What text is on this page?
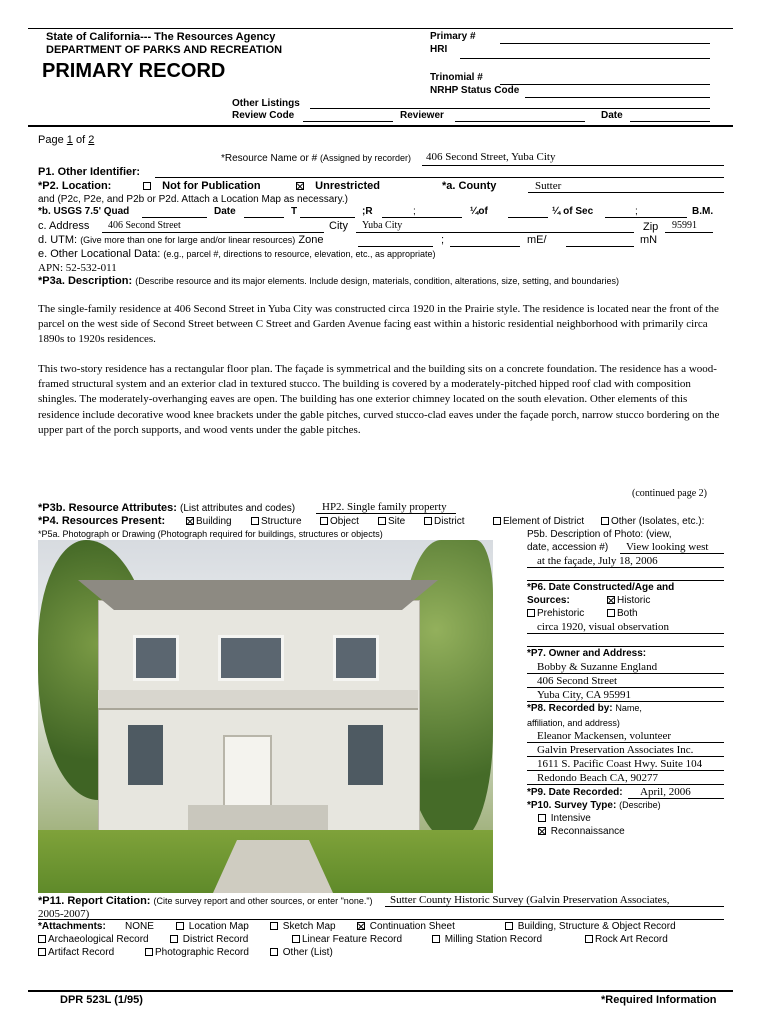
State of California--- The Resources Agency
DEPARTMENT OF PARKS AND RECREATION
PRIMARY RECORD
Primary #
HRI
Trinomial #
NRHP Status Code
Other Listings
Review Code	Reviewer	Date
Page 1 of 2
*Resource Name or # (Assigned by recorder) 406 Second Street, Yuba City
P1. Other Identifier:
*P2. Location:	Not for Publication	Unrestricted	*a. County	Sutter
and (P2c, P2e, and P2b or P2d. Attach a Location Map as necessary.)
*b. USGS 7.5' Quad	Date	T	;R	;	¼of	¼ of Sec	;	B.M.
c. Address 406 Second Street	City Yuba City	Zip 95991
d. UTM: (Give more than one for large and/or linear resources) Zone	;	mE/	mN
e. Other Locational Data: (e.g., parcel #, directions to resource, elevation, etc., as appropriate)
APN: 52-532-011
*P3a. Description: (Describe resource and its major elements. Include design, materials, condition, alterations, size, setting, and boundaries)
The single-family residence at 406 Second Street in Yuba City was constructed circa 1920 in the Prairie style. The residence is located near the front of the parcel on the west side of Second Street between C Street and Garden Avenue facing east within a historic residential neighborhood with primarily circa 1890s to 1920s residences.
This two-story residence has a rectangular floor plan. The façade is symmetrical and the building sits on a concrete foundation. The residence has a wood-framed structural system and an exterior clad in textured stucco. The building is covered by a moderately-pitched hipped roof clad with composition shingles. The moderately-overhanging eaves are open. The building has one exterior chimney located on the south elevation. Other elements of this residence include decorative wood knee brackets under the gable pitches, curved stucco-clad eaves under the façade porch, narrow stucco bordering on the upper part of the porch supports, and wood vents under the gable pitches.
(continued page 2)
*P3b. Resource Attributes: (List attributes and codes) HP2. Single family property
*P4. Resources Present:	Building	Structure	Object	Site	District	Element of District	Other (Isolates, etc.):
*P5a. Photograph or Drawing (Photograph required for buildings, structures or objects)	P5b. Description of Photo: (view,
date, accession #) View looking west
at the façade, July 18, 2006
*P6. Date Constructed/Age and
Sources:	Historic
Prehistoric	Both
circa 1920, visual observation
*P7. Owner and Address:
Bobby & Suzanne England
406 Second Street
Yuba City, CA 95991
*P8. Recorded by: Name,
affiliation, and address)
Eleanor Mackensen, volunteer
Galvin Preservation Associates Inc.
1611 S. Pacific Coast Hwy. Suite 104
Redondo Beach CA, 90277
*P9. Date Recorded: April, 2006
*P10. Survey Type: (Describe)
Intensive
Reconnaissance
*P11. Report Citation: (Cite survey report and other sources, or enter "none.") Sutter County Historic Survey (Galvin Preservation Associates,
2005-2007)
*Attachments: NONE	Location Map	Sketch Map	Continuation Sheet	Building, Structure & Object Record
Archaeological Record	District Record	Linear Feature Record	Milling Station Record	Rock Art Record
Artifact Record	Photographic Record	Other (List)
DPR 523L (1/95)	*Required Information
